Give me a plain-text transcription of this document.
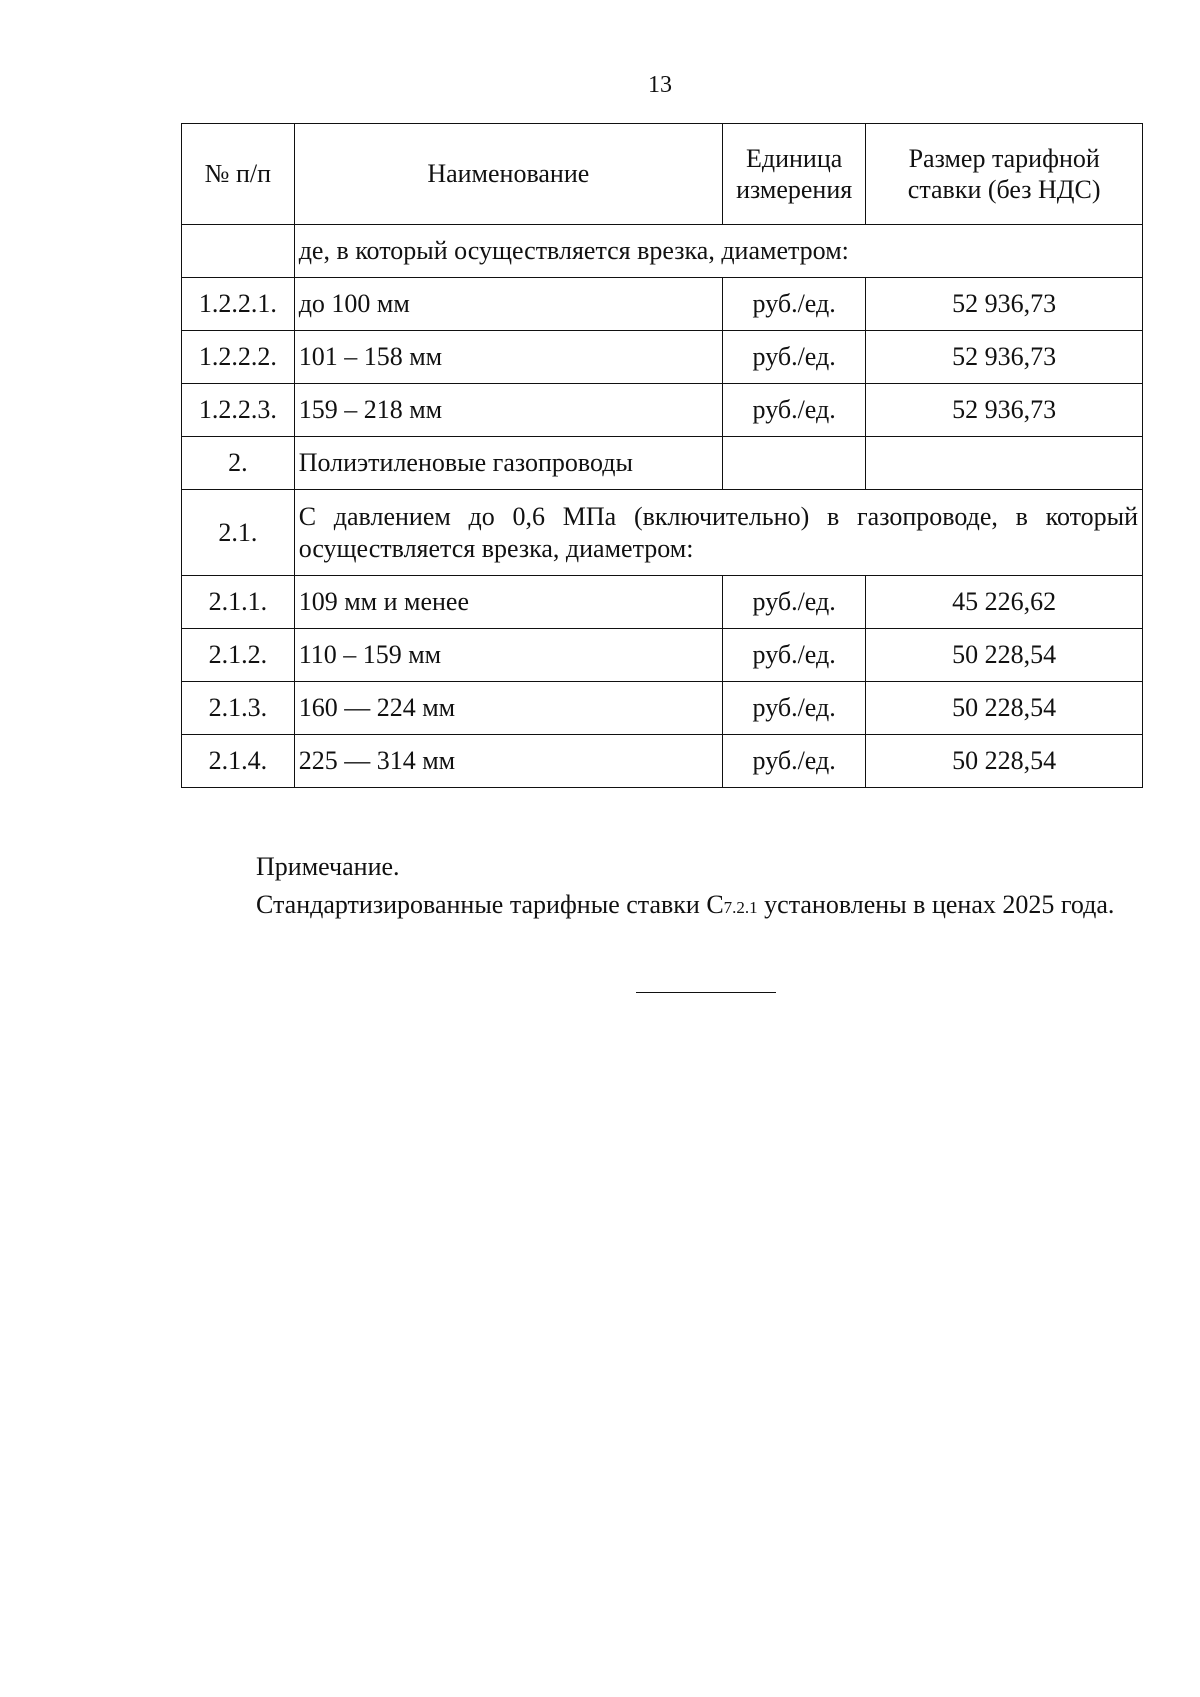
13
№ п/п	Наименование	Единица измерения	Размер тарифной ставки (без НДС)
	де, в который осуществляется врезка, диаметром:		
1.2.2.1.	до 100 мм	руб./ед.	52 936,73
1.2.2.2.	101 – 158 мм	руб./ед.	52 936,73
1.2.2.3.	159 – 218 мм	руб./ед.	52 936,73
2.	Полиэтиленовые газопроводы		
2.1.	С давлением до 0,6 МПа (включительно) в газопроводе, в который осуществляется врезка, диаметром:		
2.1.1.	109 мм и менее	руб./ед.	45 226,62
2.1.2.	110 – 159 мм	руб./ед.	50 228,54
2.1.3.	160 — 224 мм	руб./ед.	50 228,54
2.1.4.	225 — 314 мм	руб./ед.	50 228,54
Примечание.
Стандартизированные тарифные ставки С7.2.1 установлены в ценах 2025 года.
